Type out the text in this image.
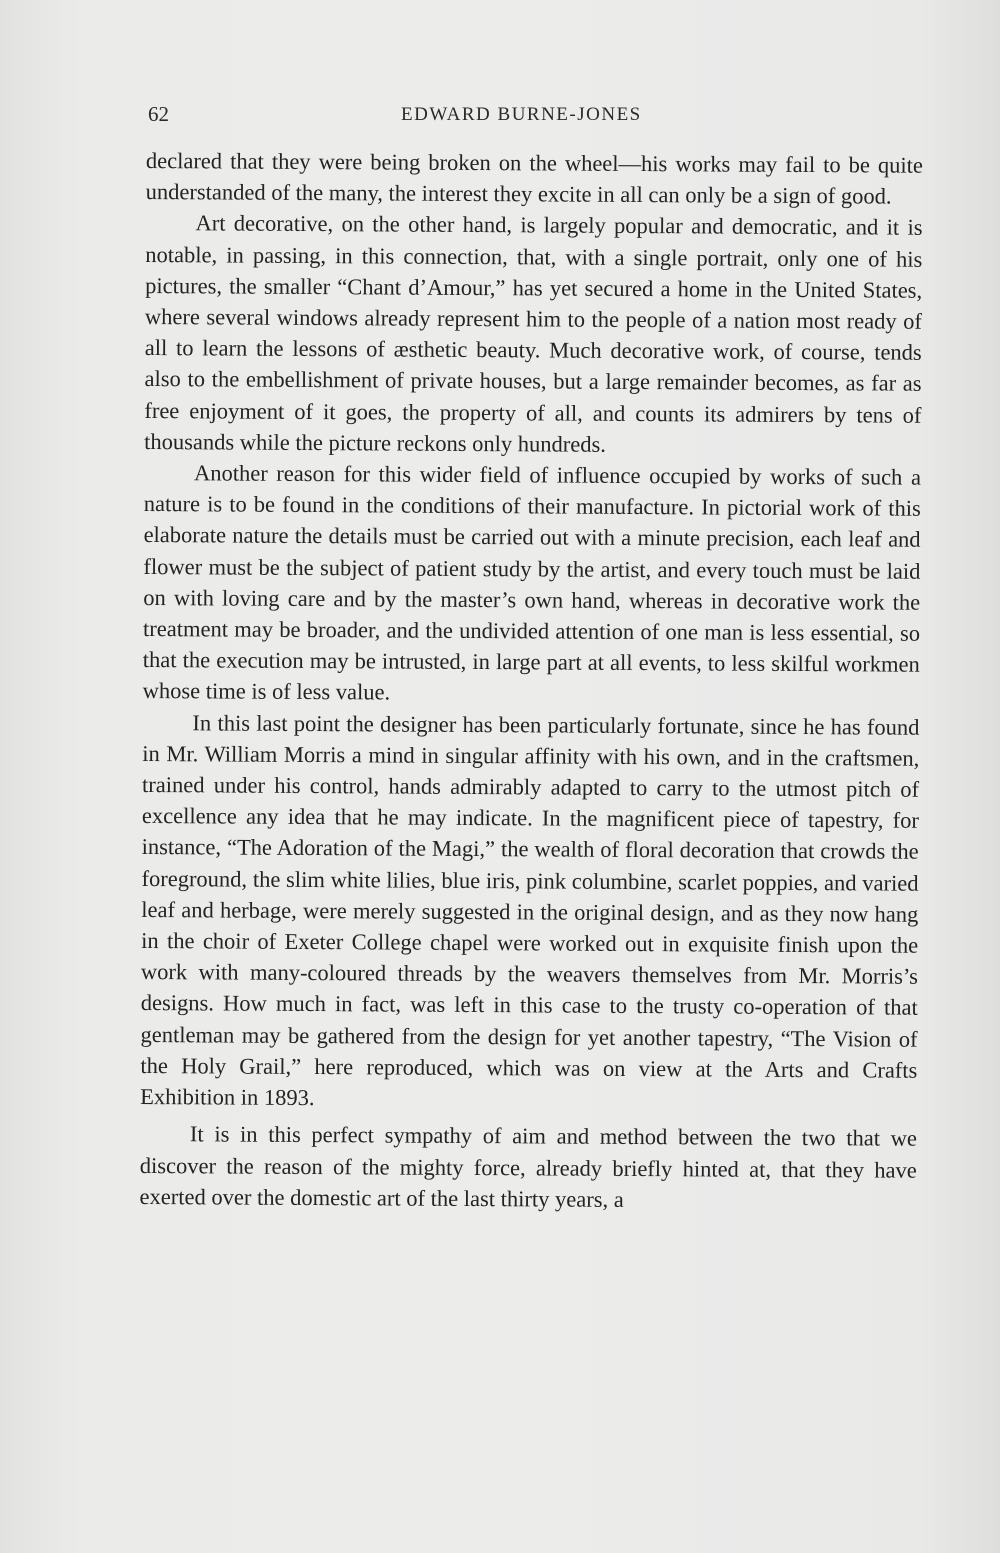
62	EDWARD BURNE-JONES

declared that they were being broken on the wheel—his works may fail to be quite understanded of the many, the interest they excite in all can only be a sign of good.

Art decorative, on the other hand, is largely popular and democratic, and it is notable, in passing, in this connection, that, with a single portrait, only one of his pictures, the smaller “Chant d’Amour,” has yet secured a home in the United States, where several windows already represent him to the people of a nation most ready of all to learn the lessons of æsthetic beauty. Much decorative work, of course, tends also to the embellishment of private houses, but a large remainder becomes, as far as free enjoyment of it goes, the property of all, and counts its admirers by tens of thousands while the picture reckons only hundreds.

Another reason for this wider field of influence occupied by works of such a nature is to be found in the conditions of their manufacture. In pictorial work of this elaborate nature the details must be carried out with a minute precision, each leaf and flower must be the subject of patient study by the artist, and every touch must be laid on with loving care and by the master’s own hand, whereas in decorative work the treatment may be broader, and the undivided attention of one man is less essential, so that the execution may be intrusted, in large part at all events, to less skilful workmen whose time is of less value.

In this last point the designer has been particularly fortunate, since he has found in Mr. William Morris a mind in singular affinity with his own, and in the craftsmen, trained under his control, hands admirably adapted to carry to the utmost pitch of excellence any idea that he may indicate. In the magnificent piece of tapestry, for instance, “The Adoration of the Magi,” the wealth of floral decoration that crowds the foreground, the slim white lilies, blue iris, pink columbine, scarlet poppies, and varied leaf and herbage, were merely suggested in the original design, and as they now hang in the choir of Exeter College chapel were worked out in exquisite finish upon the work with many-coloured threads by the weavers themselves from Mr. Morris’s designs. How much in fact, was left in this case to the trusty co-operation of that gentleman may be gathered from the design for yet another tapestry, “The Vision of the Holy Grail,” here reproduced, which was on view at the Arts and Crafts Exhibition in 1893.

It is in this perfect sympathy of aim and method between the two that we discover the reason of the mighty force, already briefly hinted at, that they have exerted over the domestic art of the last thirty years, a
